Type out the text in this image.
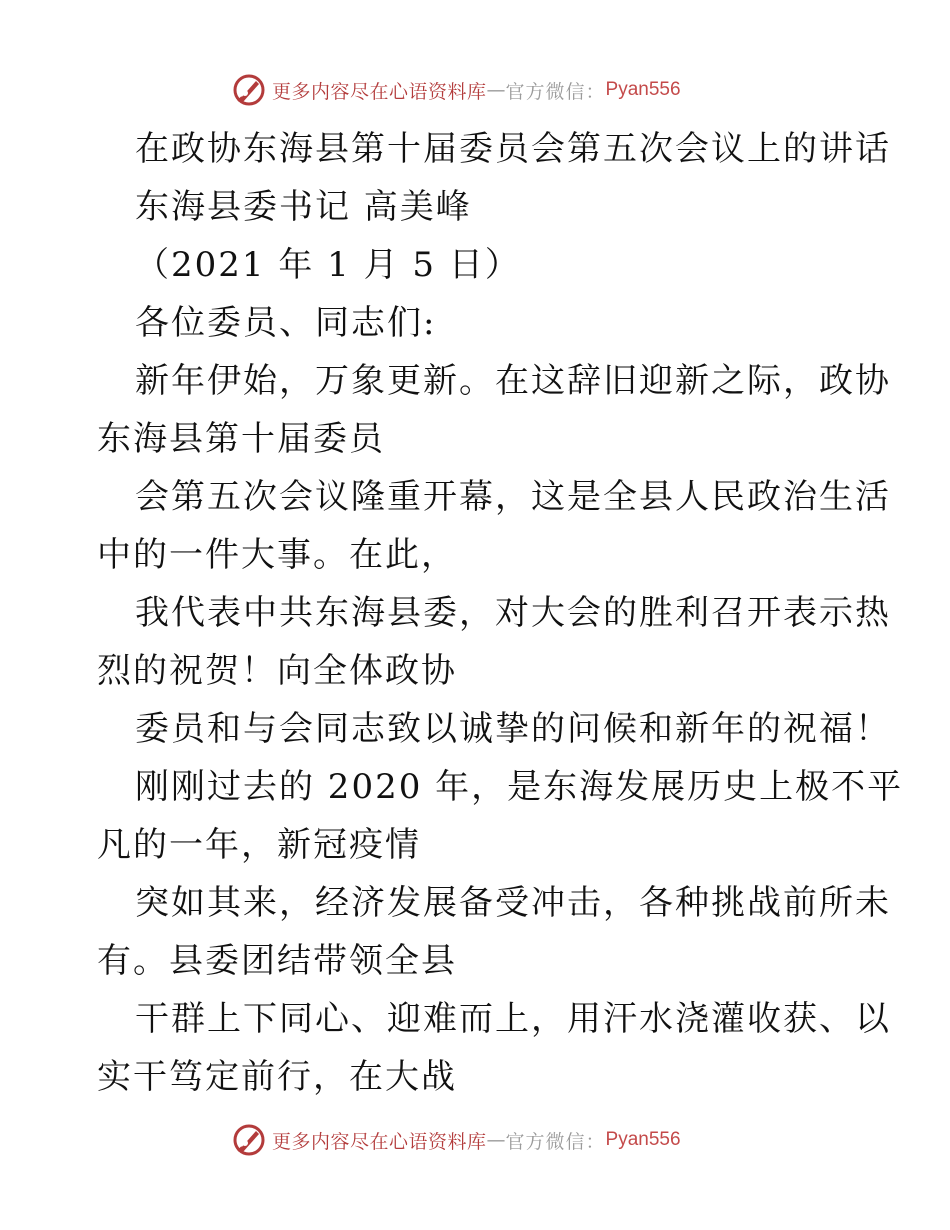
更多内容尽在心语资料库 — 官方微信： Pyan556
在政协东海县第十届委员会第五次会议上的讲话
东海县委书记 高美峰
（2021 年 1 月 5 日）
各位委员、同志们:
新年伊始，万象更新。在这辞旧迎新之际，政协
东海县第十届委员
会第五次会议隆重开幕，这是全县人民政治生活
中的一件大事。在此，
我代表中共东海县委，对大会的胜利召开表示热
烈的祝贺！向全体政协
委员和与会同志致以诚挚的问候和新年的祝福！
刚刚过去的 2020 年，是东海发展历史上极不平
凡的一年，新冠疫情
突如其来，经济发展备受冲击，各种挑战前所未
有。县委团结带领全县
干群上下同心、迎难而上，用汗水浇灌收获、以
实干笃定前行，在大战
更多内容尽在心语资料库 — 官方微信： Pyan556
